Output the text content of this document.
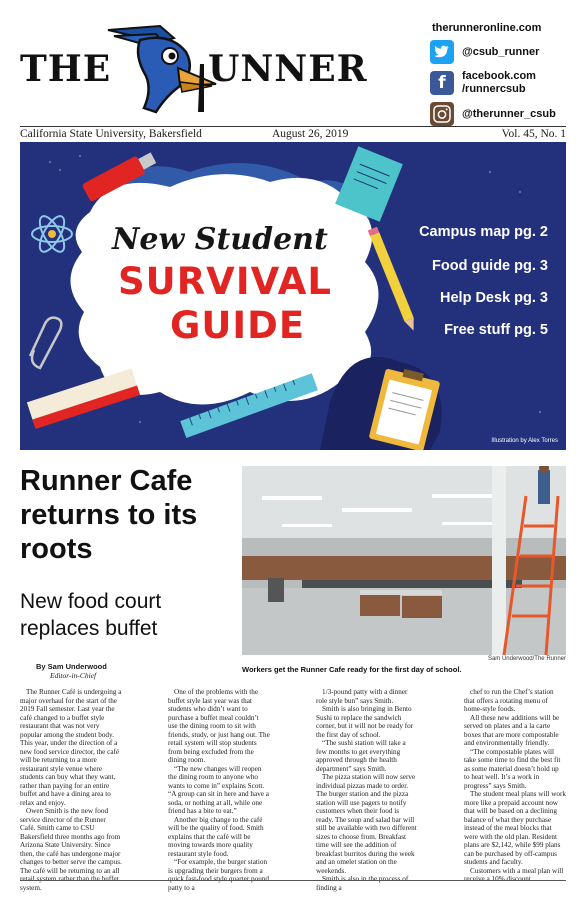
THE	UNNER
therunneronline.com
@csub_runner
f facebook.com /runnercsub
@therunner_csub
California State University, Bakersfield	August 26, 2019	Vol. 45, No. 1
New Student
SURVIVAL
GUIDE
Campus map pg. 2
Food guide pg. 3
Help Desk pg. 3
Free stuff pg. 5
Illustration by Alex Torres
Runner Cafe returns to its roots
New food court replaces buffet
Sam Underwood/The Runner
Workers get the Runner Cafe ready for the first day of school.
By Sam Underwood
Editor-in-Chief

The Runner Café is undergoing a major overhaul for the start of the 2019 Fall semester. Last year the café changed to a buffet style restaurant that was not very popular among the student body. This year, under the direction of a new food service director, the café will be returning to a more restaurant style venue where students can buy what they want, rather than paying for an entire buffet and have a dining area to relax and enjoy.

Owen Smith is the new food service director of the Runner Café. Smith came to CSU Bakersfield three months ago from Arizona State University. Since then, the café has undergone major changes to better serve the campus. The café will be returning to an all retail system rather than the buffet system.

One of the problems with the buffet style last year was that students who didn’t want to purchase a buffet meal couldn’t use the dining room to sit with friends, study, or just hang out. The retail system will stop students from being excluded from the dining room.

“The new changes will reopen the dining room to anyone who wants to come in” explains Scott. “A group can sit in here and have a soda, or nothing at all, while one friend has a bite to eat.”

Another big change to the café will be the quality of food. Smith explains that the café will be moving towards more quality restaurant style food.

“For example, the burger station is upgrading their burgers from a quick fast-food style quarter pound patty to a

1/3-pound patty with a dinner role style bun” says Smith.

Smith is also bringing in Bento Sushi to replace the sandwich corner, but it will not be ready for the first day of school.

“The sushi station will take a few months to get everything approved through the health department” says Smith.

The pizza station will now serve individual pizzas made to order. The burger station and the pizza station will use pagers to notify customers when their food is ready. The soup and salad bar will still be available with two different sizes to choose from. Breakfast time will see the addition of breakfast burritos during the week and an omelet station on the weekends.

Smith is also in the process of finding a

chef to run the Chef’s station that offers a rotating menu of home-style foods.

All these new additions will be served on plates and a la carte boxes that are more compostable and environmentally friendly.

“The compostable plates will take some time to find the best fit as some material doesn’t hold up to heat well. It’s a work in progress” says Smith.

The student meal plans will work more like a prepaid account now that will be based on a declining balance of what they purchase instead of the meal blocks that were with the old plan. Resident plans are $2,142, while $99 plans can be purchased by off-campus students and faculty.

Customers with a meal plan will receive a 10% discount.
